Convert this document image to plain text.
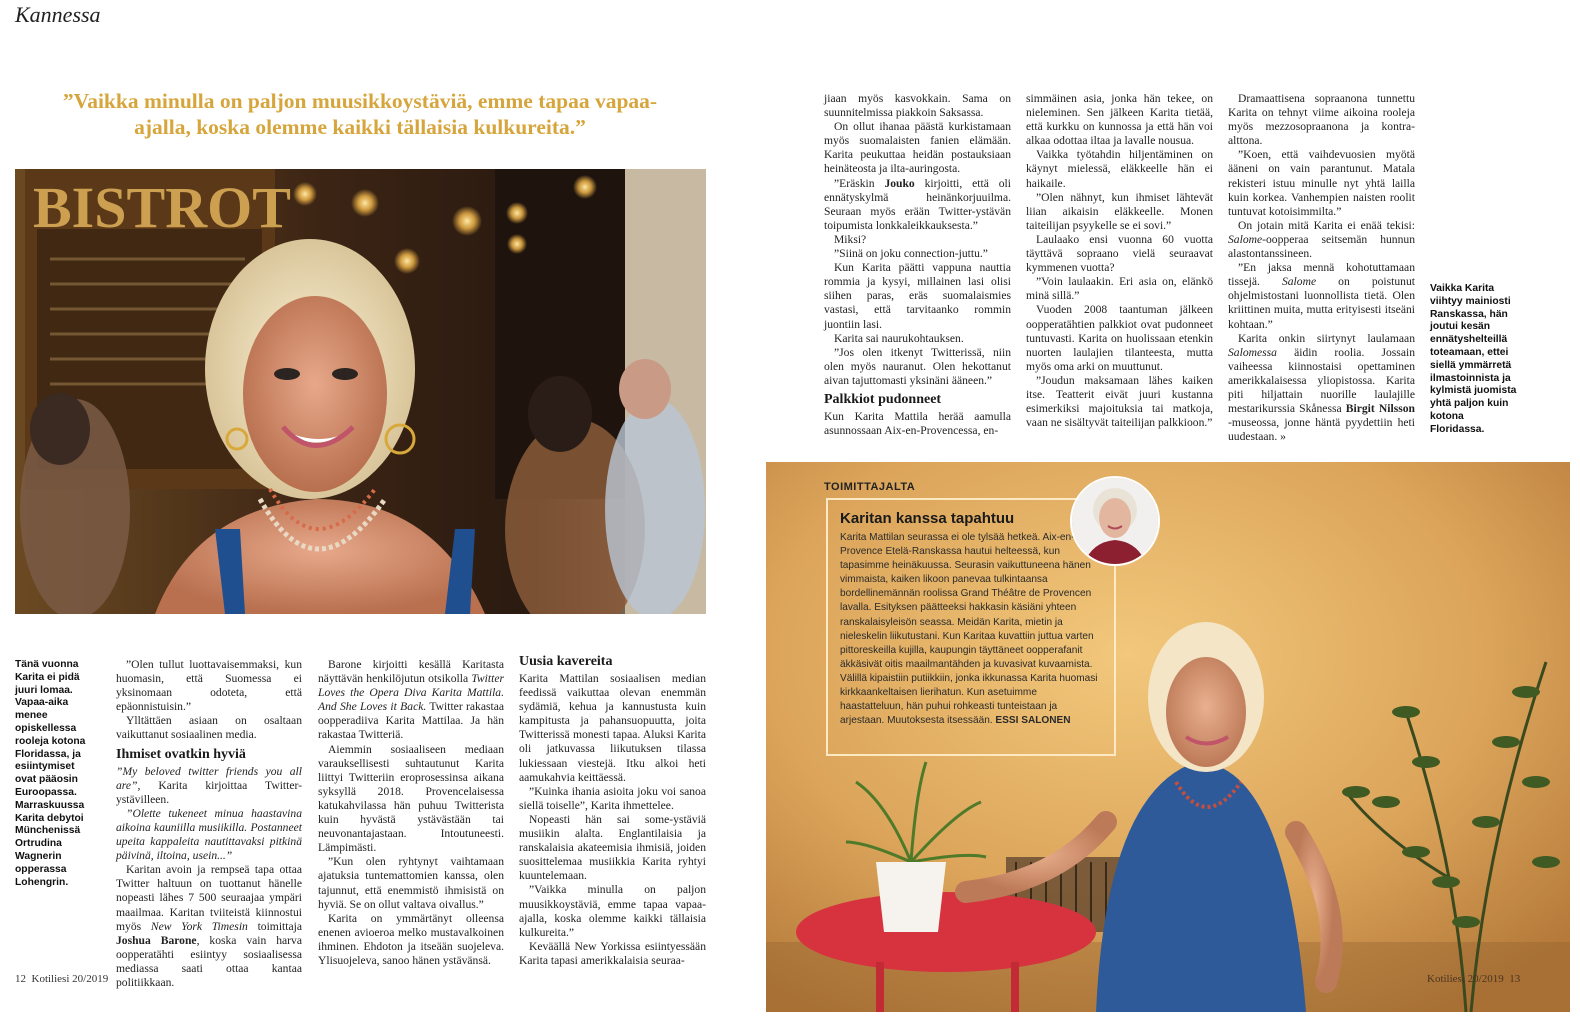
Kannessa
”Vaikka minulla on paljon muusikkoystäviä, emme tapaa vapaa-ajalla, koska olemme kaikki tällaisia kulkureita.”
BISTROT
TOIMITTAJALTA
Karitan kanssa tapahtuu
Karita Mattilan seurassa ei ole tylsää hetkeä. Aix-en-Provence Etelä-Ranskassa hautui helteessä, kun tapasimme heinäkuussa. Seurasin vaikuttuneena hänen vimmaista, kaiken likoon panevaa tulkintaansa bordellinemännän roolissa Grand Théâtre de Provencen lavalla. Esityksen päätteeksi hakkasin käsiäni yhteen ranskalaisyleisön seassa. Meidän Karita, mietin ja nieleskelin liikutustani. Kun Karitaa kuvattiin juttua varten pittoreskeilla kujilla, kaupungin täyttäneet oopperafanit äkkäsivät oitis maailmantähden ja kuvasivat kuvaamista. Välillä kipaistiin putiikkiin, jonka ikkunassa Karita huomasi kirkkaankeltaisen lierihatun. Kun asetuimme haastatteluun, hän puhui rohkeasti tunteistaan ja arjestaan. Muutoksesta itsessään. ESSI SALONEN
Tänä vuonna Karita ei pidä juuri lomaa. Vapaa-aika menee opiskellessa rooleja kotona Floridassa, ja esiintymiset ovat pääosin Euroopassa. Marraskuussa Karita debytoi Münchenissä Ortrudina Wagnerin opperassa Lohengrin.
Vaikka Karita viihtyy mainiosti Ranskassa, hän joutui kesän ennätyshelteillä toteamaan, ettei siellä ymmärretä ilmastoinnista ja kylmistä juomista yhtä paljon kuin kotona Floridassa.

”Olen tullut luottavaisemmaksi, kun huomasin, että Suomessa ei yksinomaan odoteta, että epäonnistuisin.”

Ylltättäen asiaan on osaltaan vaikuttanut sosiaalinen media.

Ihmiset ovatkin hyviä

”My beloved twitter friends you all are”, Karita kirjoittaa Twitter-ystävilleen.

”Olette tukeneet minua haastavina aikoina kauniilla musiikilla. Postanneet upeita kappaleita nautittavaksi pitkinä päivinä, iltoina, usein...”

Karitan avoin ja rempseä tapa ottaa Twitter haltuun on tuottanut hänelle nopeasti lähes 7 500 seuraajaa ympäri maailmaa. Karitan tviiteistä kiinnostui myös New York Timesin toimittaja Joshua Barone, koska vain harva oopperatähti esiintyy sosiaalisessa mediassa saati ottaa kantaa politiikkaan.

Barone kirjoitti kesällä Karitasta näyttävän henkilöjutun otsikolla Twitter Loves the Opera Diva Karita Mattila. And She Loves it Back. Twitter rakastaa oopperadiiva Karita Mattilaa. Ja hän rakastaa Twitteriä.

Aiemmin sosiaaliseen mediaan varauksellisesti suhtautunut Karita liittyi Twitteriin eroprosessinsa aikana syksyllä 2018. Provencelaisessa katukahvilassa hän puhuu Twitterista kuin hyvästä ystävästään tai neuvonantajastaan. Intoutuneesti. Lämpimästi.

”Kun olen ryhtynyt vaihtamaan ajatuksia tuntemattomien kanssa, olen tajunnut, että enemmistö ihmisistä on hyviä. Se on ollut valtava oivallus.”

Karita on ymmärtänyt olleensa enenen avioeroa melko mustavalkoinen ihminen. Ehdoton ja itseään suojeleva. Ylisuojeleva, sanoo hänen ystävänsä.

Uusia kavereita

Karita Mattilan sosiaalisen median feedissä vaikuttaa olevan enemmän sydämiä, kehua ja kannustusta kuin kampitusta ja pahansuopuutta, joita Twitterissä monesti tapaa. Aluksi Karita oli jatkuvassa liikutuksen tilassa lukiessaan viestejä. Itku alkoi heti aamukahvia keittäessä.

”Kuinka ihania asioita joku voi sanoa siellä toiselle”, Karita ihmettelee.

Nopeasti hän sai some-ystäviä musiikin alalta. Englantilaisia ja ranskalaisia akateemisia ihmisiä, joiden suosittelemaa musiikkia Karita ryhtyi kuuntelemaan.

”Vaikka minulla on paljon muusikkoystäviä, emme tapaa vapaa-ajalla, koska olemme kaikki tällaisia kulkureita.”

Keväällä New Yorkissa esiintyessään Karita tapasi amerikkalaisia seuraa-

jiaan myös kasvokkain. Sama on suunnitelmissa piakkoin Saksassa.

On ollut ihanaa päästä kurkistamaan myös suomalaisten fanien elämään. Karita peukuttaa heidän postauksiaan heinäteosta ja ilta-auringosta.

”Eräskin Jouko kirjoitti, että oli ennätyskylmä heinänkorjuuilma. Seuraan myös erään Twitter-ystävän toipumista lonkkaleikkauksesta.”

Miksi?

”Siinä on joku connection-juttu.”

Kun Karita päätti vappuna nauttia rommia ja kysyi, millainen lasi olisi siihen paras, eräs suomalaismies vastasi, että tarvitaanko rommin juontiin lasi.

Karita sai naurukohtauksen.

”Jos olen itkenyt Twitterissä, niin olen myös nauranut. Olen hekottanut aivan tajuttomasti yksinäni ääneen.”

Palkkiot pudonneet

Kun Karita Mattila herää aamulla asunnossaan Aix-en-Provencessa, en-

simmäinen asia, jonka hän tekee, on nieleminen. Sen jälkeen Karita tietää, että kurkku on kunnossa ja että hän voi alkaa odottaa iltaa ja lavalle nousua.

Vaikka työtahdin hiljentäminen on käynyt mielessä, eläkkeelle hän ei haikaile.

”Olen nähnyt, kun ihmiset lähtevät liian aikaisin eläkkeelle. Monen taiteilijan psyykelle se ei sovi.”

Laulaako ensi vuonna 60 vuotta täyttävä sopraano vielä seuraavat kymmenen vuotta?

”Voin laulaakin. Eri asia on, elänkö minä sillä.”

Vuoden 2008 taantuman jälkeen oopperatähtien palkkiot ovat pudonneet tuntuvasti. Karita on huolissaan etenkin nuorten laulajien tilanteesta, mutta myös oma arki on muuttunut.

”Joudun maksamaan lähes kaiken itse. Teatterit eivät juuri kustanna esimerkiksi majoituksia tai matkoja, vaan ne sisältyvät taiteilijan palkkioon.”

Dramaattisena sopraanona tunnettu Karita on tehnyt viime aikoina rooleja myös mezzosopraanona ja kontra-alttona.

”Koen, että vaihdevuosien myötä ääneni on vain parantunut. Matala rekisteri istuu minulle nyt yhtä lailla kuin korkea. Vanhempien naisten roolit tuntuvat kotoisimmilta.”

On jotain mitä Karita ei enää tekisi: Salome-oopperaa seitsemän hunnun alastontanssineen.

”En jaksa mennä kohotuttamaan tissejä. Salome on poistunut ohjelmistostani luonnollista tietä. Olen kriittinen muita, mutta erityisesti itseäni kohtaan.”

Karita onkin siirtynyt laulamaan Salomessa äidin roolia. Jossain vaiheessa kiinnostaisi opettaminen amerikkalaisessa yliopistossa. Karita piti hiljattain nuorille laulajille mestarikurssia Skånessa Birgit Nilsson -museossa, jonne häntä pyydettiin heti uudestaan. »

12 Kotiliesi 20/2019	Kotiliesi 20/2019 13
